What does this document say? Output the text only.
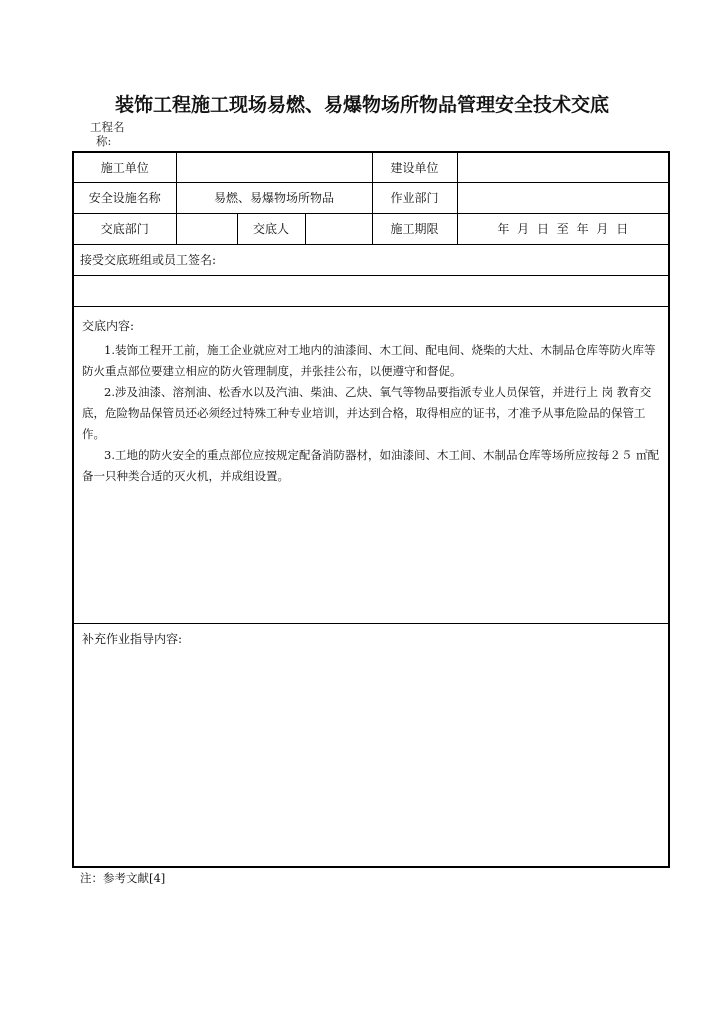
装饰工程施工现场易燃、易爆物场所物品管理安全技术交底
工程名
称:
施工单位				建设单位	
安全设施名称	易燃、易爆物场所物品			作业部门	
交底部门		交底人		施工期限	年 月 日 至 年 月 日
接受交底班组或员工签名:					

交底内容:

1.装饰工程开工前，施工企业就应对工地内的油漆间、木工间、配电间、烧柴的大灶、木制品仓库等防火库等防火重点部位要建立相应的防火管理制度，并张挂公布，以便遵守和督促。

2.涉及油漆、溶剂油、松香水以及汽油、柴油、乙炔、氧气等物品要指派专业人员保管，并进行上 岗 教育交底，危险物品保管员还必须经过特殊工种专业培训，并达到合格，取得相应的证书，才准予从事危险品的保管工作。

3.工地的防火安全的重点部位应按规定配备消防器材，如油漆间、木工间、木制品仓库等场所应按每２５ ㎡配备一只种类合适的灭火机，并成组设置。					

补充作业指导内容:					
注：参考文献[4]
